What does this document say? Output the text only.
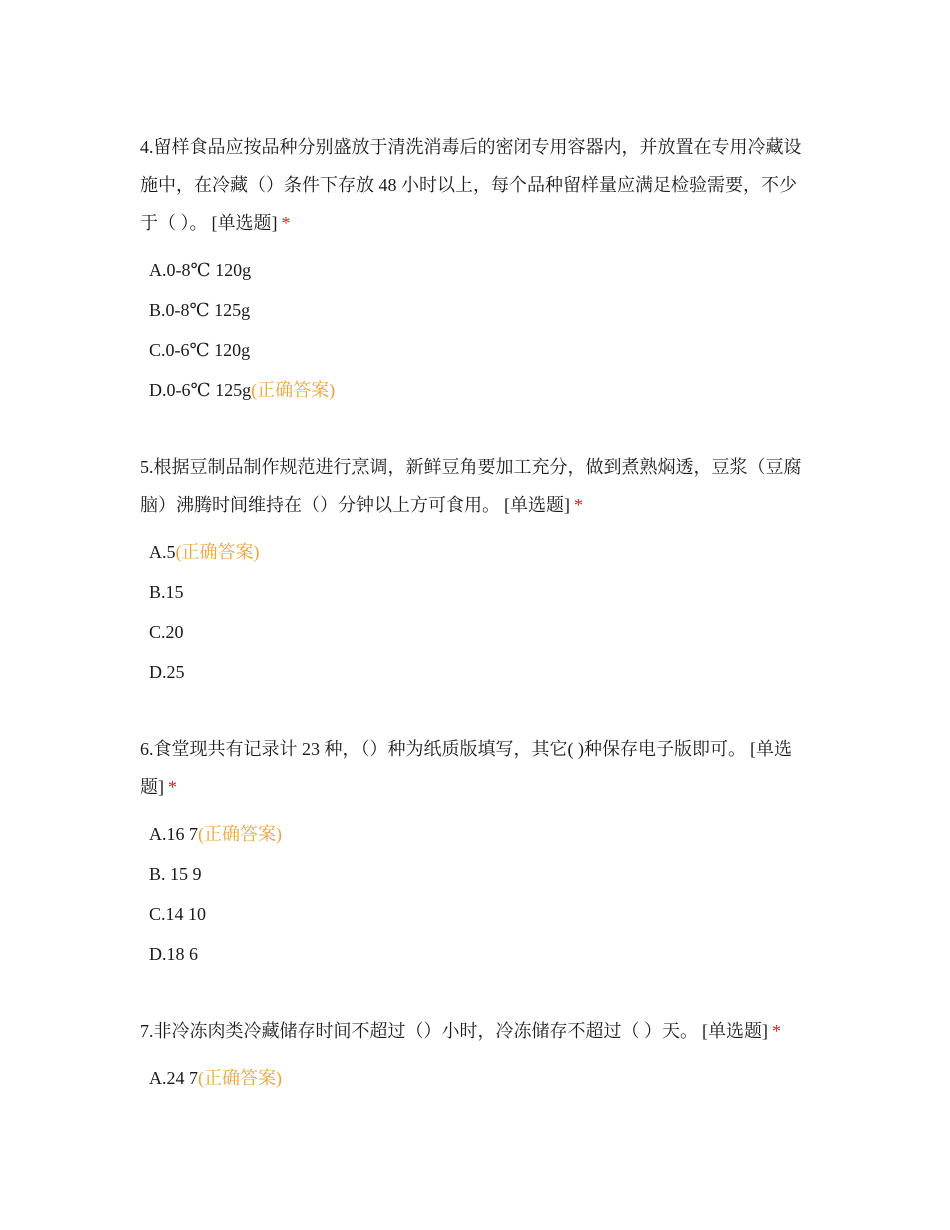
4.留样食品应按品种分别盛放于清洗消毒后的密闭专用容器内，并放置在专用冷藏设施中，在冷藏（）条件下存放 48 小时以上，每个品种留样量应满足检验需要，不少于（ ）。 [单选题] *
A.0-8℃ 120g
B.0-8℃ 125g
C.0-6℃ 120g
D.0-6℃ 125g(正确答案)
5.根据豆制品制作规范进行烹调，新鲜豆角要加工充分，做到煮熟焖透，豆浆（豆腐脑）沸腾时间维持在（）分钟以上方可食用。 [单选题] *
A.5(正确答案)
B.15
C.20
D.25
6.食堂现共有记录计 23 种，（）种为纸质版填写，其它( )种保存电子版即可。 [单选题] *
A.16 7(正确答案)
B. 15 9
C.14 10
D.18 6
7.非冷冻肉类冷藏储存时间不超过（）小时，冷冻储存不超过（ ）天。 [单选题] *
A.24 7(正确答案)
